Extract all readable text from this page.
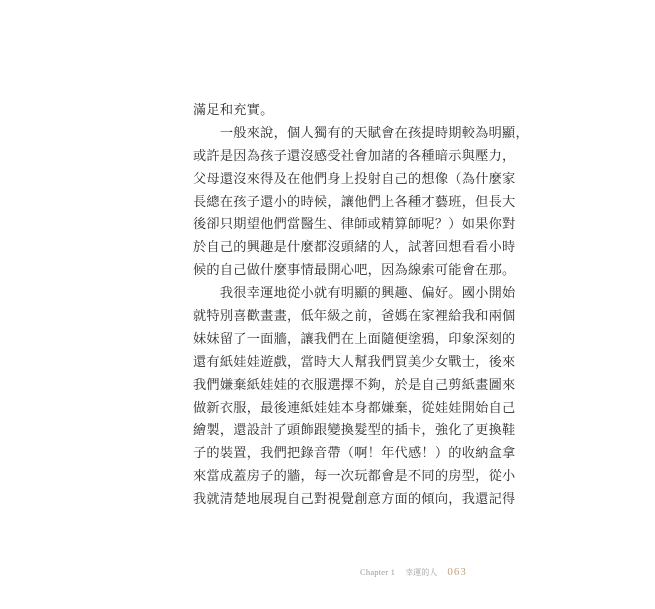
滿足和充實。
　　一般來說，個人獨有的天賦會在孩提時期較為明顯，
或許是因為孩子還沒感受社會加諸的各種暗示與壓力，
父母還沒來得及在他們身上投射自己的想像（為什麼家
長總在孩子還小的時候，讓他們上各種才藝班，但長大
後卻只期望他們當醫生、律師或精算師呢？）如果你對
於自己的興趣是什麼都沒頭緒的人，試著回想看看小時
候的自己做什麼事情最開心吧，因為線索可能會在那。
　　我很幸運地從小就有明顯的興趣、偏好。國小開始
就特別喜歡畫畫，低年級之前，爸媽在家裡給我和兩個
妹妹留了一面牆，讓我們在上面隨便塗鴉，印象深刻的
還有紙娃娃遊戲，當時大人幫我們買美少女戰士，後來
我們嫌棄紙娃娃的衣服選擇不夠，於是自己剪紙畫圖來
做新衣服，最後連紙娃娃本身都嫌棄，從娃娃開始自己
繪製，還設計了頭飾跟變換髮型的插卡，強化了更換鞋
子的裝置，我們把錄音帶（啊！年代感！）的收納盒拿
來當成蓋房子的牆，每一次玩都會是不同的房型，從小
我就清楚地展現自己對視覺創意方面的傾向，我還記得
Chapter 1 幸運的人 063
